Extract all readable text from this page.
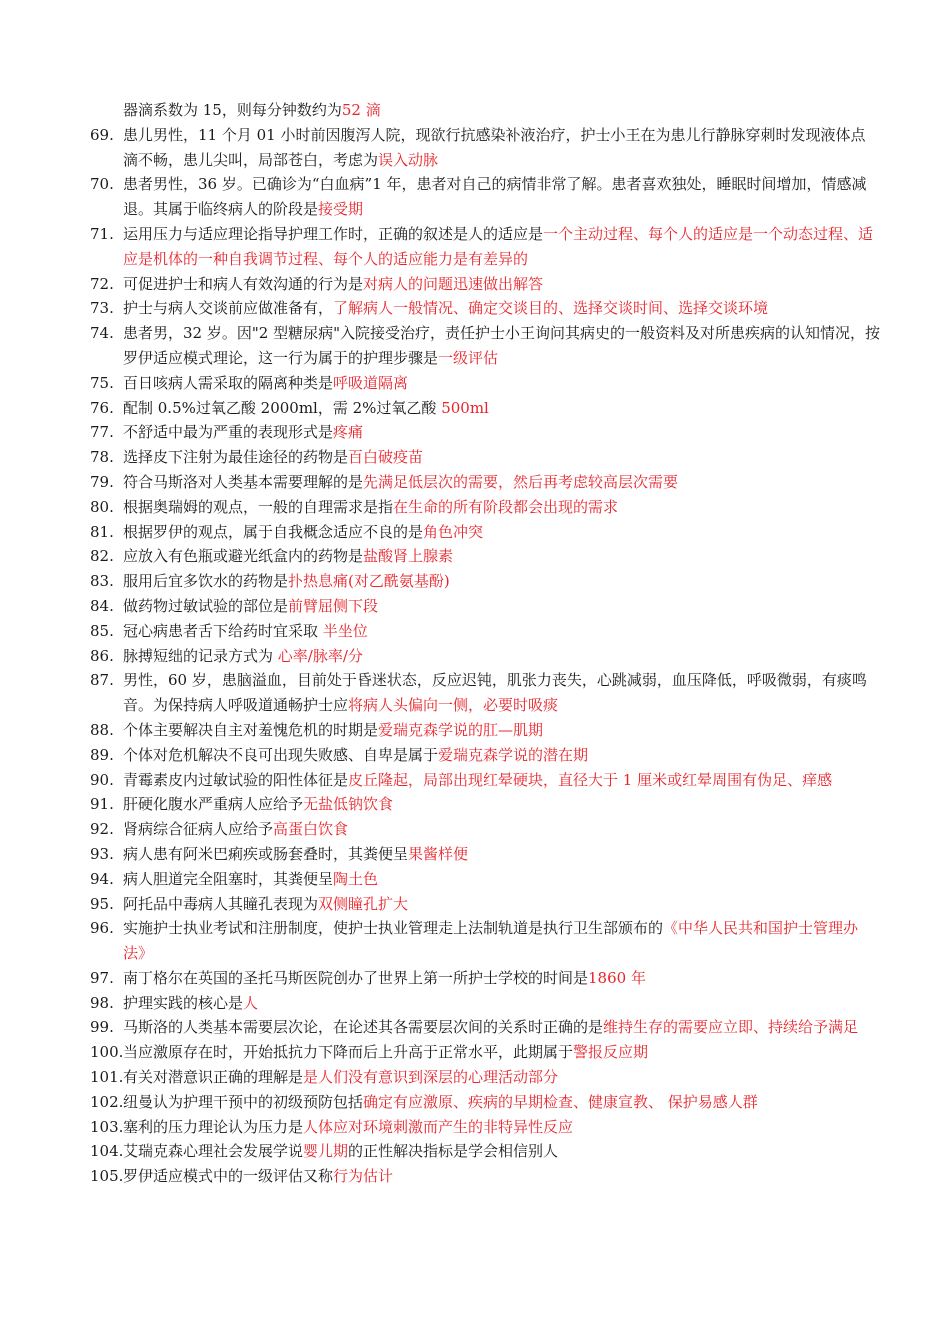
器滴系数为 15，则每分钟数约为52 滴
69. 患儿男性，11 个月 01 小时前因腹泻人院，现欲行抗感染补液治疗，护士小王在为患儿行静脉穿刺时发现液体点滴不畅，患儿尖叫，局部苍白，考虑为误入动脉
70. 患者男性，36 岁。已确诊为“白血病”1 年，患者对自己的病情非常了解。患者喜欢独处，睡眠时间增加，情感减退。其属于临终病人的阶段是接受期
71. 运用压力与适应理论指导护理工作时，正确的叙述是人的适应是一个主动过程、每个人的适应是一个动态过程、适应是机体的一种自我调节过程、每个人的适应能力是有差异的
72. 可促进护士和病人有效沟通的行为是对病人的问题迅速做出解答
73. 护士与病人交谈前应做准备有，了解病人一般情况、确定交谈目的、选择交谈时间、选择交谈环境
74. 患者男，32 岁。因"2 型糖尿病"入院接受治疗，责任护士小王询问其病史的一般资料及对所患疾病的认知情况，按罗伊适应模式理论，这一行为属于的护理步骤是一级评估
75. 百日咳病人需采取的隔离种类是呼吸道隔离
76. 配制 0.5%过氧乙酸 2000ml，需 2%过氧乙酸 500ml
77. 不舒适中最为严重的表现形式是疼痛
78. 选择皮下注射为最佳途径的药物是百白破疫苗
79. 符合马斯洛对人类基本需要理解的是先满足低层次的需要，然后再考虑较高层次需要
80. 根据奥瑞姆的观点，一般的自理需求是指在生命的所有阶段都会出现的需求
81. 根据罗伊的观点，属于自我概念适应不良的是角色冲突
82. 应放入有色瓶或避光纸盒内的药物是盐酸肾上腺素
83. 服用后宜多饮水的药物是扑热息痛(对乙酰氨基酚)
84. 做药物过敏试验的部位是前臂屈侧下段
85. 冠心病患者舌下给药时宜采取 半坐位
86. 脉搏短绌的记录方式为 心率/脉率/分
87. 男性，60 岁，患脑溢血，目前处于昏迷状态，反应迟钝，肌张力丧失，心跳减弱，血压降低，呼吸微弱，有痰鸣音。为保持病人呼吸道通畅护士应将病人头偏向一侧，必要时吸痰
88. 个体主要解决自主对羞愧危机的时期是爱瑞克森学说的肛—肌期
89. 个体对危机解决不良可出现失败感、自卑是属于爱瑞克森学说的潜在期
90. 青霉素皮内过敏试验的阳性体征是皮丘隆起，局部出现红晕硬块，直径大于 1 厘米或红晕周围有伪足、痒感
91. 肝硬化腹水严重病人应给予无盐低钠饮食
92. 肾病综合征病人应给予高蛋白饮食
93. 病人患有阿米巴痢疾或肠套叠时，其粪便呈果酱样便
94. 病人胆道完全阻塞时，其粪便呈陶土色
95. 阿托品中毒病人其瞳孔表现为双侧瞳孔扩大
96. 实施护士执业考试和注册制度，使护士执业管理走上法制轨道是执行卫生部颁布的《中华人民共和国护士管理办法》
97. 南丁格尔在英国的圣托马斯医院创办了世界上第一所护士学校的时间是1860 年
98. 护理实践的核心是人
99. 马斯洛的人类基本需要层次论，在论述其各需要层次间的关系时正确的是维持生存的需要应立即、持续给予满足
100. 当应激原存在时，开始抵抗力下降而后上升高于正常水平，此期属于警报反应期
101. 有关对潜意识正确的理解是是人们没有意识到深层的心理活动部分
102. 纽曼认为护理干预中的初级预防包括确定有应激原、疾病的早期检查、健康宣教、 保护易感人群
103. 塞利的压力理论认为压力是人体应对环境刺激而产生的非特异性反应
104. 艾瑞克森心理社会发展学说婴儿期的正性解决指标是学会相信别人
105. 罗伊适应模式中的一级评估又称行为估计
